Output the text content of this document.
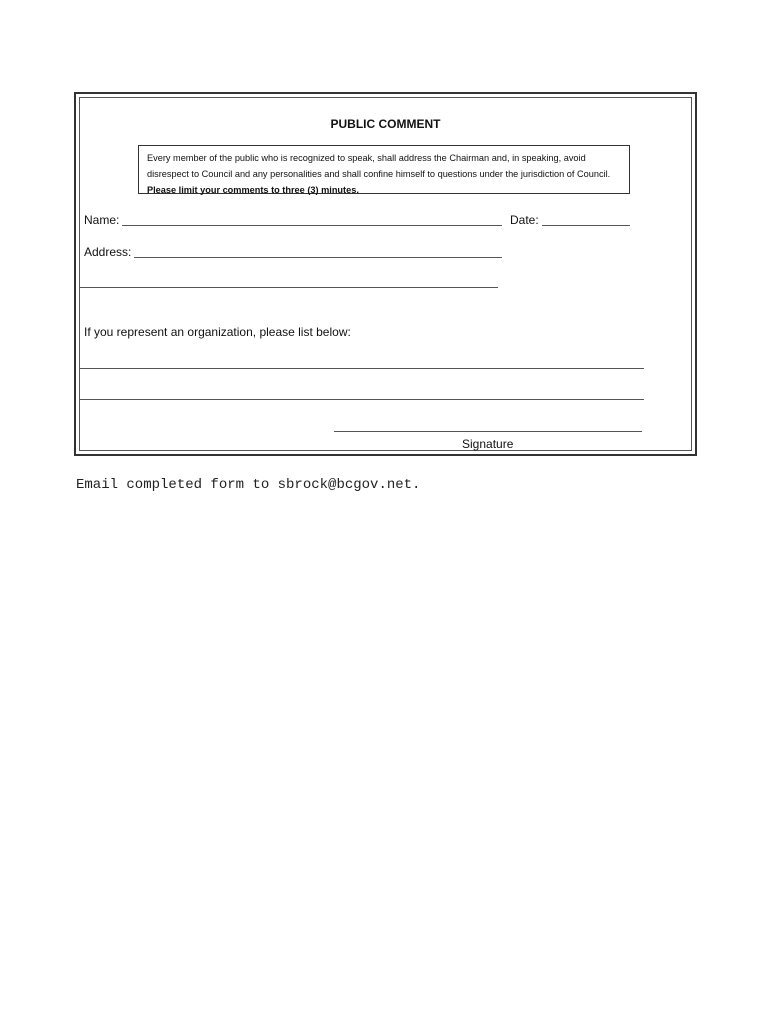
PUBLIC COMMENT
Every member of the public who is recognized to speak, shall address the Chairman and, in speaking, avoid disrespect to Council and any personalities and shall confine himself to questions under the jurisdiction of Council. Please limit your comments to three (3) minutes.
Name:	Date:
Address:
If you represent an organization, please list below:
Signature
Email completed form to sbrock@bcgov.net.
